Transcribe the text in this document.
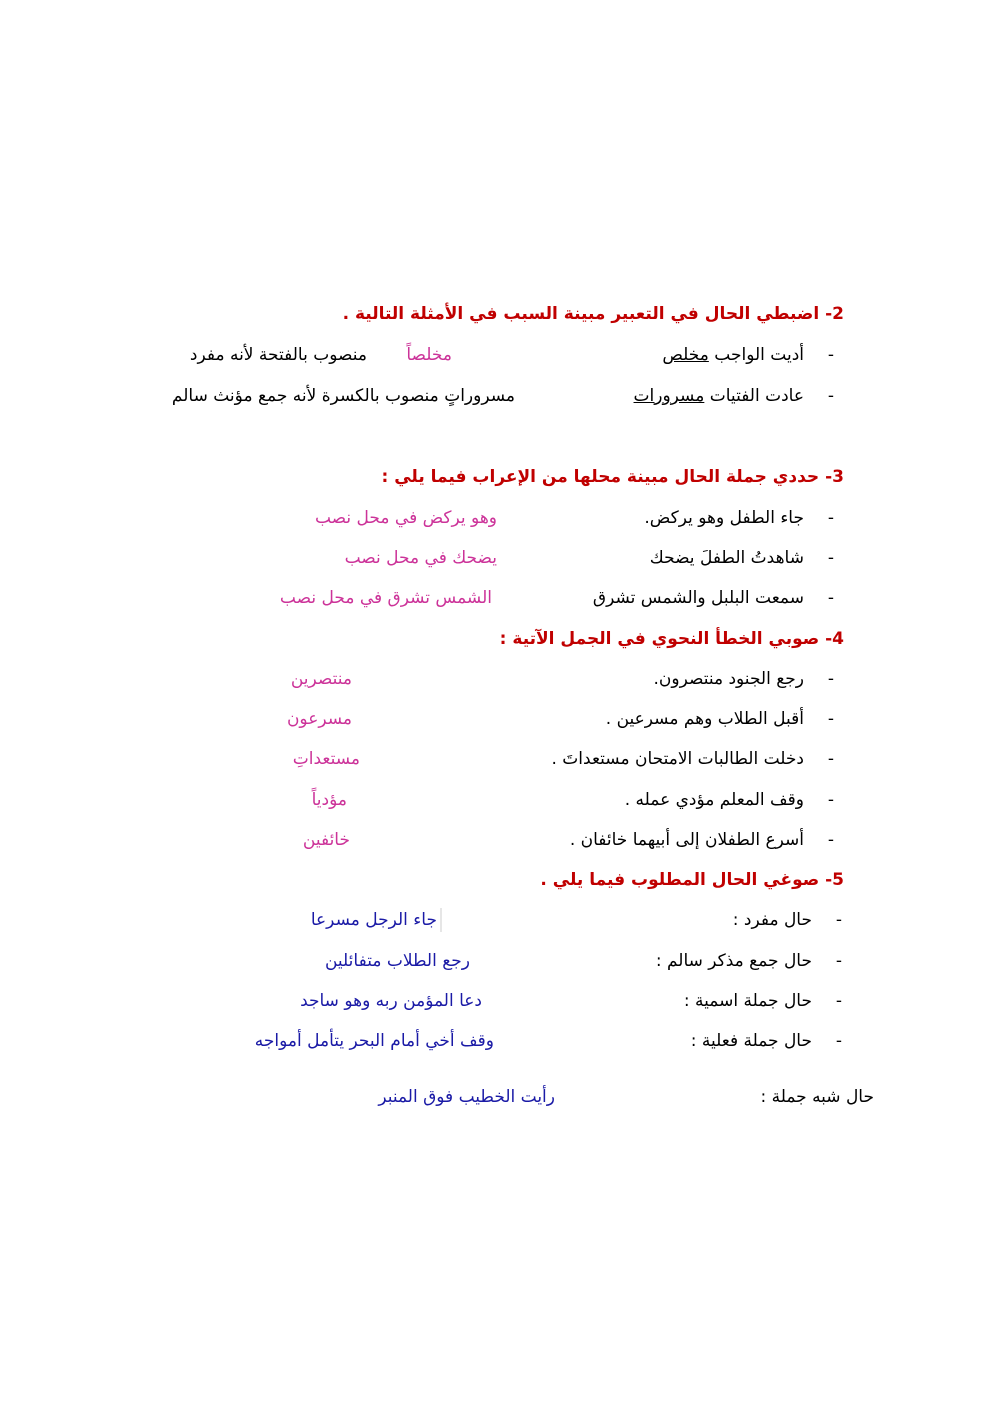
2- اضبطي الحال في التعبير مبينة السبب في الأمثلة التالية .
-
أديت الواجب مخلص
مخلصاً
منصوب بالفتحة لأنه مفرد
-
عادت الفتيات مسرورات
مسروراتٍ منصوب بالكسرة لأنه جمع مؤنث سالم
3- حددي جملة الحال مبينة محلها من الإعراب فيما يلي :
-
جاء الطفل وهو يركض.
وهو يركض في محل نصب
-
شاهدتُ الطفلَ يضحك
يضحك في محل نصب
-
سمعت البلبل والشمس تشرق
الشمس تشرق في محل نصب
4- صوبي الخطأ النحوي في الجمل الآتية :
-
رجع الجنود منتصرون.
منتصرين
-
أقبل الطلاب وهم مسرعين .
مسرعون
-
دخلت الطالبات الامتحان مستعداتَ .
مستعداتِ
-
وقف المعلم مؤدي عمله .
مؤدياً
-
أسرع الطفلان إلى أبيهما خائفان .
خائفين
5- صوغي الحال المطلوب فيما يلي .
-
حال مفرد :
جاء الرجل مسرعا
-
حال جمع مذكر سالم :
رجع الطلاب متفائلين
-
حال جملة اسمية :
دعا المؤمن ربه وهو ساجد
-
حال جملة فعلية :
وقف أخي أمام البحر يتأمل أمواجه
حال شبه جملة :
رأيت الخطيب فوق المنبر
